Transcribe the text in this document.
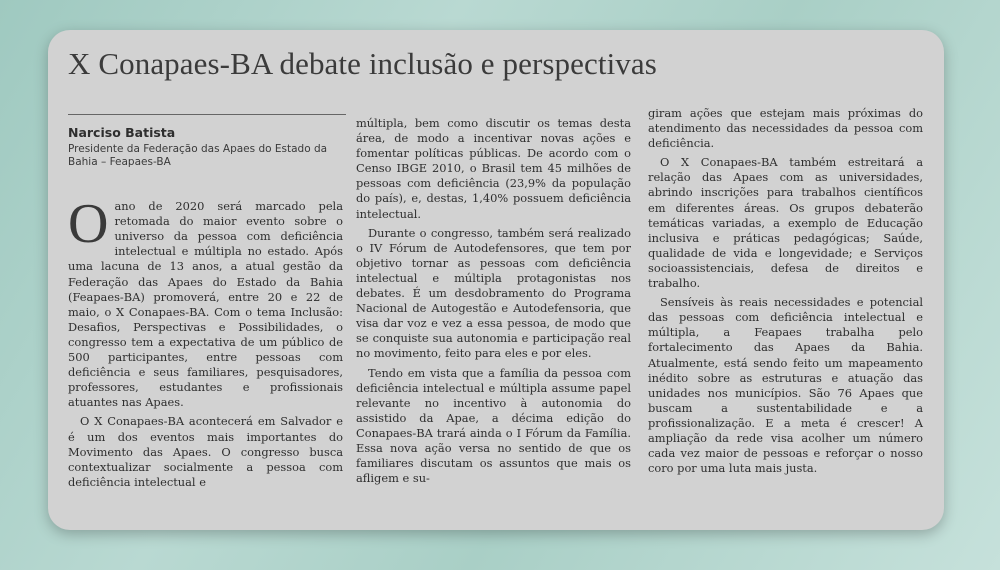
X Conapaes-BA debate inclusão e perspectivas
Narciso Batista
Presidente da Federação das Apaes do Estado da Bahia – Feapaes-BA

Oano de 2020 será marcado pela retomada do maior evento sobre o universo da pessoa com deficiência intelectual e múltipla no estado. Após uma lacuna de 13 anos, a atual gestão da Federação das Apaes do Estado da Bahia (Feapaes-BA) promoverá, entre 20 e 22 de maio, o X Conapaes-BA. Com o tema Inclusão: Desafios, Perspectivas e Possibilidades, o congresso tem a expectativa de um público de 500 participantes, entre pessoas com deficiência e seus familiares, pesquisadores, professores, estudantes e profissionais atuantes nas Apaes.

O X Conapaes-BA acontecerá em Salvador e é um dos eventos mais importantes do Movimento das Apaes. O congresso busca contextualizar socialmente a pessoa com deficiência intelectual e

múltipla, bem como discutir os temas desta área, de modo a incentivar novas ações e fomentar políticas públicas. De acordo com o Censo IBGE 2010, o Brasil tem 45 milhões de pessoas com deficiência (23,9% da população do país), e, destas, 1,40% possuem deficiência intelectual.

Durante o congresso, também será realizado o IV Fórum de Autodefensores, que tem por objetivo tornar as pessoas com deficiência intelectual e múltipla protagonistas nos debates. É um desdobramento do Programa Nacional de Autogestão e Autodefensoria, que visa dar voz e vez a essa pessoa, de modo que se conquiste sua autonomia e participação real no movimento, feito para eles e por eles.

Tendo em vista que a família da pessoa com deficiência intelectual e múltipla assume papel relevante no incentivo à autonomia do assistido da Apae, a décima edição do Conapaes-BA trará ainda o I Fórum da Família. Essa nova ação versa no sentido de que os familiares discutam os assuntos que mais os afligem e su-

giram ações que estejam mais próximas do atendimento das necessidades da pessoa com deficiência.

O X Conapaes-BA também estreitará a relação das Apaes com as universidades, abrindo inscrições para trabalhos científicos em diferentes áreas. Os grupos debaterão temáticas variadas, a exemplo de Educação inclusiva e práticas pedagógicas; Saúde, qualidade de vida e longevidade; e Serviços socioassistenciais, defesa de direitos e trabalho.

Sensíveis às reais necessidades e potencial das pessoas com deficiência intelectual e múltipla, a Feapaes trabalha pelo fortalecimento das Apaes da Bahia. Atualmente, está sendo feito um mapeamento inédito sobre as estruturas e atuação das unidades nos municípios. São 76 Apaes que buscam a sustentabilidade e a profissionalização. E a meta é crescer! A ampliação da rede visa acolher um número cada vez maior de pessoas e reforçar o nosso coro por uma luta mais justa.
